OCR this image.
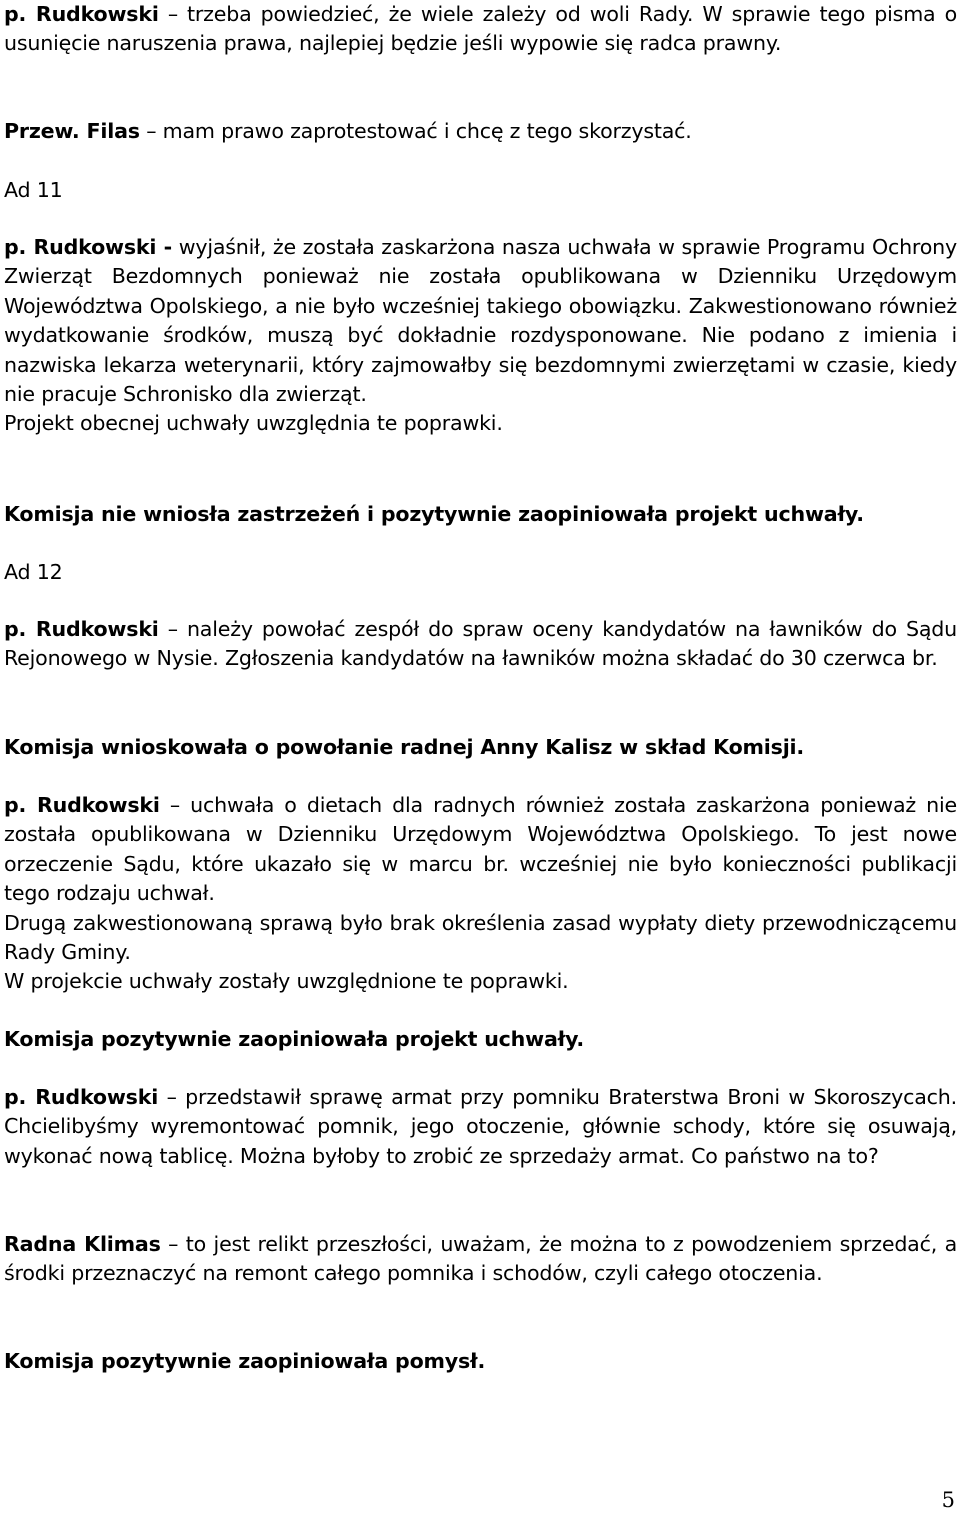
p. Rudkowski – trzeba powiedzieć, że wiele zależy od woli Rady. W sprawie tego pisma o usunięcie naruszenia prawa, najlepiej będzie jeśli wypowie się radca prawny.

Przew. Filas – mam prawo zaprotestować i chcę z tego skorzystać.

Ad 11

p. Rudkowski - wyjaśnił, że została zaskarżona nasza uchwała w sprawie Programu Ochrony Zwierząt Bezdomnych ponieważ nie została opublikowana w Dzienniku Urzędowym Województwa Opolskiego, a nie było wcześniej takiego obowiązku. Zakwestionowano również wydatkowanie środków, muszą być dokładnie rozdysponowane. Nie podano z imienia i nazwiska lekarza weterynarii, który zajmowałby się bezdomnymi zwierzętami w czasie, kiedy nie pracuje Schronisko dla zwierząt.
Projekt obecnej uchwały uwzględnia te poprawki.

Komisja nie wniosła zastrzeżeń i pozytywnie zaopiniowała projekt uchwały.

Ad 12

p. Rudkowski – należy powołać zespół do spraw oceny kandydatów na ławników do Sądu Rejonowego w Nysie. Zgłoszenia kandydatów na ławników można składać do 30 czerwca br.

Komisja wnioskowała o powołanie radnej Anny Kalisz w skład Komisji.

p. Rudkowski – uchwała o dietach dla radnych również została zaskarżona ponieważ nie została opublikowana w Dzienniku Urzędowym Województwa Opolskiego. To jest nowe orzeczenie Sądu, które ukazało się w marcu br. wcześniej nie było konieczności publikacji tego rodzaju uchwał.
Drugą zakwestionowaną sprawą było brak określenia zasad wypłaty diety przewodniczącemu Rady Gminy.
W projekcie uchwały zostały uwzględnione te poprawki.

Komisja pozytywnie zaopiniowała projekt uchwały.

p. Rudkowski – przedstawił sprawę armat przy pomniku Braterstwa Broni w Skoroszycach. Chcielibyśmy wyremontować pomnik, jego otoczenie, głównie schody, które się osuwają, wykonać nową tablicę. Można byłoby to zrobić ze sprzedaży armat. Co państwo na to?

Radna Klimas – to jest relikt przeszłości, uważam, że można to z powodzeniem sprzedać, a środki przeznaczyć na remont całego pomnika i schodów, czyli całego otoczenia.

Komisja pozytywnie zaopiniowała pomysł.

5
